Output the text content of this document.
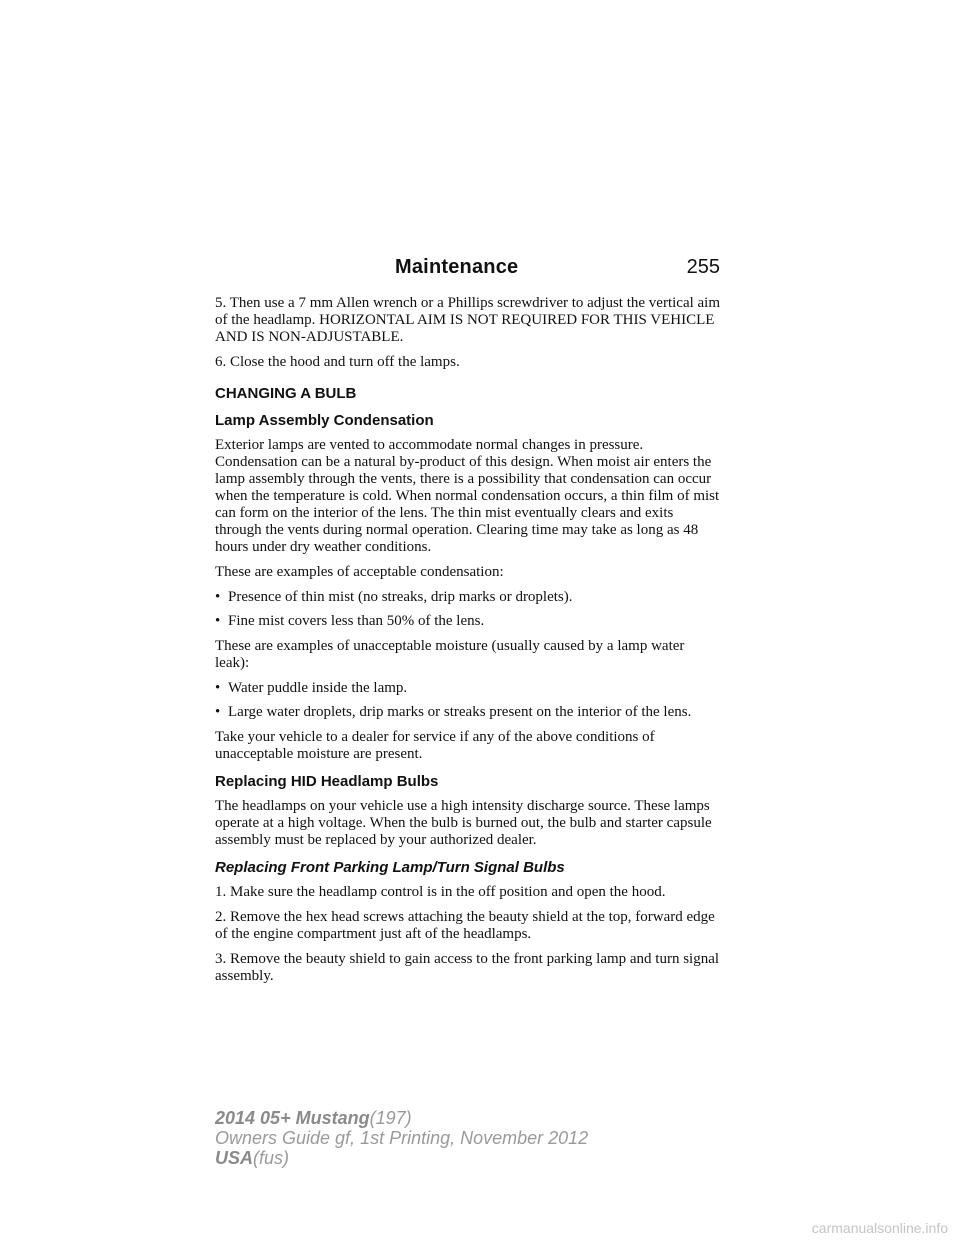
Maintenance	255

5. Then use a 7 mm Allen wrench or a Phillips screwdriver to adjust the vertical aim of the headlamp. HORIZONTAL AIM IS NOT REQUIRED FOR THIS VEHICLE AND IS NON-ADJUSTABLE.

6. Close the hood and turn off the lamps.

CHANGING A BULB
Lamp Assembly Condensation

Exterior lamps are vented to accommodate normal changes in pressure. Condensation can be a natural by-product of this design. When moist air enters the lamp assembly through the vents, there is a possibility that condensation can occur when the temperature is cold. When normal condensation occurs, a thin film of mist can form on the interior of the lens. The thin mist eventually clears and exits through the vents during normal operation. Clearing time may take as long as 48 hours under dry weather conditions.

These are examples of acceptable condensation:

• Presence of thin mist (no streaks, drip marks or droplets).
• Fine mist covers less than 50% of the lens.

These are examples of unacceptable moisture (usually caused by a lamp water leak):

• Water puddle inside the lamp.
• Large water droplets, drip marks or streaks present on the interior of the lens.

Take your vehicle to a dealer for service if any of the above conditions of unacceptable moisture are present.

Replacing HID Headlamp Bulbs

The headlamps on your vehicle use a high intensity discharge source. These lamps operate at a high voltage. When the bulb is burned out, the bulb and starter capsule assembly must be replaced by your authorized dealer.

Replacing Front Parking Lamp/Turn Signal Bulbs

1. Make sure the headlamp control is in the off position and open the hood.

2. Remove the hex head screws attaching the beauty shield at the top, forward edge of the engine compartment just aft of the headlamps.

3. Remove the beauty shield to gain access to the front parking lamp and turn signal assembly.

2014 05+ Mustang(197)
Owners Guide gf, 1st Printing, November 2012
USA(fus)
carmanualsonline.info
